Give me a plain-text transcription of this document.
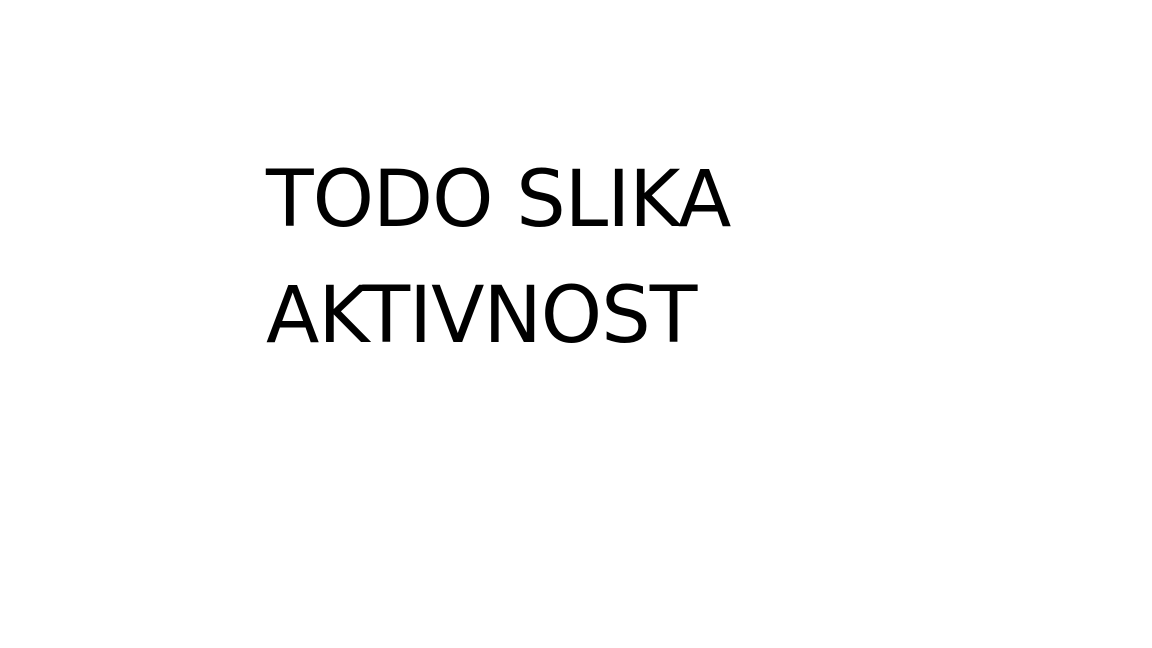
TODO SLIKA
AKTIVNOST
